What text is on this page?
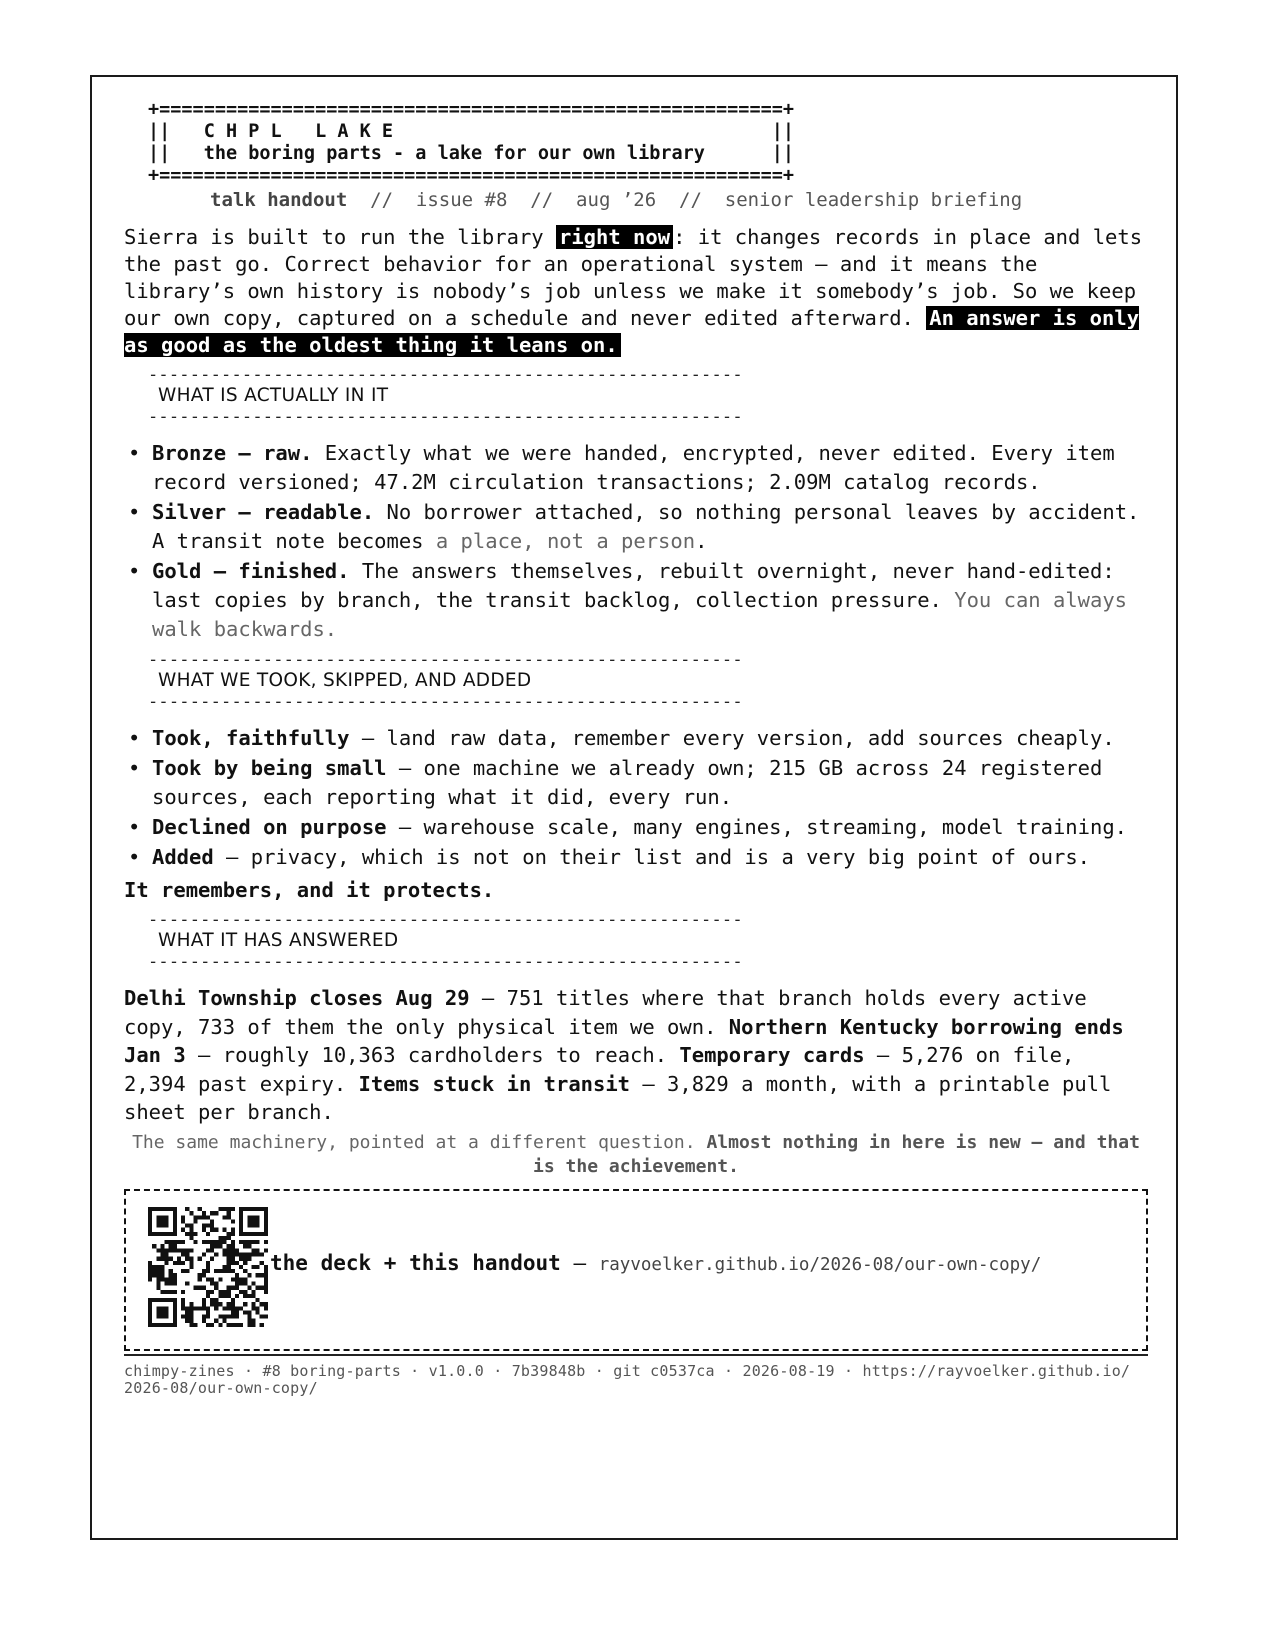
+========================================================+
||   C H P L   L A K E                                  ||
||   the boring parts - a lake for our own library      ||
+========================================================+
talk handout  //  issue #8  //  aug ’26  //  senior leadership briefing

Sierra is built to run the library right now : it changes records in place and lets the past go. Correct behavior for an operational system — and it means the library’s own history is nobody’s job unless we make it somebody’s job. So we keep our own copy, captured on a schedule and never edited afterward. An answer is only as good as the oldest thing it leans on.

---------------------------------------------------------
WHAT IS ACTUALLY IN IT
---------------------------------------------------------
• Bronze — raw. Exactly what we were handed, encrypted, never edited. Every item record versioned; 47.2M circulation transactions; 2.09M catalog records.
• Silver — readable. No borrower attached, so nothing personal leaves by accident. A transit note becomes a place, not a person.
• Gold — finished. The answers themselves, rebuilt overnight, never hand-edited: last copies by branch, the transit backlog, collection pressure. You can always walk backwards.
---------------------------------------------------------
WHAT WE TOOK, SKIPPED, AND ADDED
---------------------------------------------------------
• Took, faithfully — land raw data, remember every version, add sources cheaply.
• Took by being small — one machine we already own; 215 GB across 24 registered sources, each reporting what it did, every run.
• Declined on purpose — warehouse scale, many engines, streaming, model training.
• Added — privacy, which is not on their list and is a very big point of ours.
It remembers, and it protects.
---------------------------------------------------------
WHAT IT HAS ANSWERED
---------------------------------------------------------

Delhi Township closes Aug 29 — 751 titles where that branch holds every active copy, 733 of them the only physical item we own. Northern Kentucky borrowing ends Jan 3 — roughly 10,363 cardholders to reach. Temporary cards — 5,276 on file, 2,394 past expiry. Items stuck in transit — 3,829 a month, with a printable pull sheet per branch.

The same machinery, pointed at a different question. Almost nothing in here is new — and that is the achievement.
the deck + this handout — rayvoelker.github.io/2026-08/our-own-copy/
chimpy-zines · #8 boring-parts · v1.0.0 · 7b39848b · git c0537ca · 2026-08-19 · https://rayvoelker.github.io/ 2026-08/our-own-copy/
